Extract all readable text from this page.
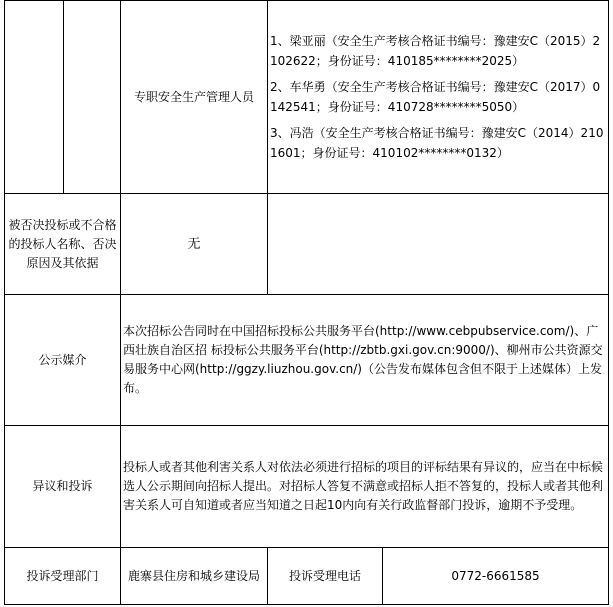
		专职安全生产管理人员	1、梁亚丽（安全生产考核合格证书编号：豫建安C（2015）2102622；身份证号：410185********2025）
2、车华勇（安全生产考核合格证书编号：豫建安C（2017）0142541；身份证号：410728********5050）
3、冯浩（安全生产考核合格证书编号：豫建安C（2014）2101601；身份证号：410102********0132）

被否决投标或不合格的投标人名称、否决原因及其依据		无	
公示媒介		本次招标公告同时在中国招标投标公共服务平台(http://www.cebpubservice.com/)、广西壮族自治区招 标投标公共服务平台(http://zbtb.gxi.gov.cn:9000/)、柳州市公共资源交易服务中心网(http://ggzy.liuzhou.gov.cn/)（公告发布媒体包含但不限于上述媒体）上发布。	
异议和投诉		投标人或者其他利害关系人对依法必须进行招标的项目的评标结果有异议的，应当在中标候选人公示期间向招标人提出。对招标人答复不满意或招标人拒不答复的，投标人或者其他利害关系人可自知道或者应当知道之日起10内向有关行政监督部门投诉，逾期不予受理。	
投诉受理部门		鹿寨县住房和城乡建设局	投诉受理电话 0772-6661585
